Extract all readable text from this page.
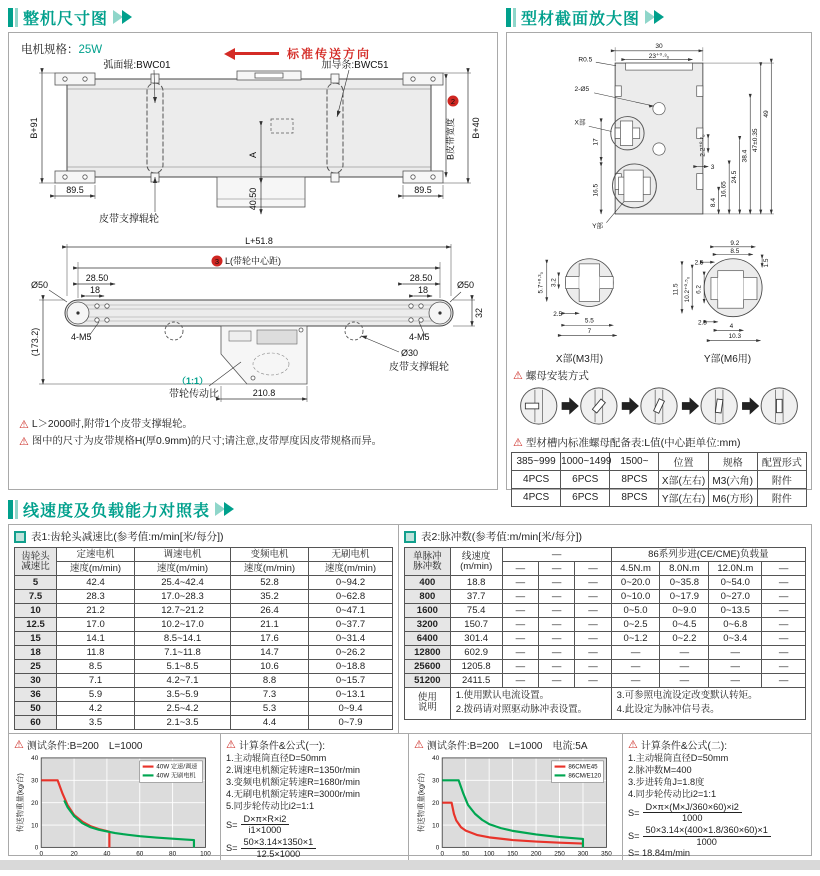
整机尺寸图
电机规格：25W	标准传送方向
B+91	B+40
2
B皮带宽度
89.5	89.5
A
40.50
弧面辊:BWC01	加导条:BWC51
皮带支撑辊轮

L+51.8
3 L(带轮中心距)
28.50
18
28.50
18
Ø50	Ø50
(173.2)	4-M5	4-M5
32
Ø30
皮带支撑辊轮
（1:1）
带轮传动比	210.8
⚠ L＞2000时,附带1个皮带支撑辊轮。
⚠ 图中的尺寸为皮带规格H(厚0.9mm)的尺寸;请注意,皮带厚度因皮带规格而异。
型材截面放大图
30
23⁺⁰·³₀
R0.5
2-Ø5
X部
17
16.5
Y部
2.2⁺⁰·²₀
3
8.4
16.65
24.5
38.4
47±0.35
49
5.7⁺⁰·³₀ 3.2
2.5
5.5
7
X部(M3用)
9.2
8.5
2.5	1.5
11.5 10.2⁺⁰·⁵₀ 6.2
2.5	4
10.3
Y部(M6用)
⚠ 螺母安装方式
⚠ 型材槽内标准螺母配备表:L值(中心距单位:mm)
385~999	1000~1499	1500~	位置	规格	配置形式
4PCS	6PCS	8PCS	X部(左右)	M3(六角)	附件
4PCS	6PCS	8PCS	Y部(左右)	M6(方形)	附件
线速度及负载能力对照表
表1:齿轮头减速比(参考值:m/min[米/每分])
齿轮头
减速比	定速电机	调速电机	变频电机	无刷电机
	速度(m/min)	速度(m/min)	速度(m/min)	速度(m/min)
5	42.4	25.4~42.4	52.8	0~94.2
7.5	28.3	17.0~28.3	35.2	0~62.8
10	21.2	12.7~21.2	26.4	0~47.1
12.5	17.0	10.2~17.0	21.1	0~37.7
15	14.1	8.5~14.1	17.6	0~31.4
18	11.8	7.1~11.8	14.7	0~26.2
25	8.5	5.1~8.5	10.6	0~18.8
30	7.1	4.2~7.1	8.8	0~15.7
36	5.9	3.5~5.9	7.3	0~13.1
50	4.2	2.5~4.2	5.3	0~9.4
60	3.5	2.1~3.5	4.4	0~7.9
表2:脉冲数(参考值:m/min[米/每分])
单脉冲
脉冲数	线速度
(m/min)	—			86系列步进(CE/CME)负载量			
		—	—	—	4.5N.m	8.0N.m	12.0N.m	—
400	18.8	—	—	—	0~20.0	0~35.8	0~54.0	—
800	37.7	—	—	—	0~10.0	0~17.9	0~27.0	—
1600	75.4	—	—	—	0~5.0	0~9.0	0~13.5	—
3200	150.7	—	—	—	0~2.5	0~4.5	0~6.8	—
6400	301.4	—	—	—	0~1.2	0~2.2	0~3.4	—
12800	602.9	—	—	—	—	—	—	—
25600	1205.8	—	—	—	—	—	—	—
51200	2411.5	—	—	—	—	—	—	—
使用
说明	
1.使用默认电流设置。
2.拨码请对照驱动脉冲表设置。

3.可参照电流设定改变默认转矩。
4.此设定为脉冲信号表。
⚠ 测试条件:B=200　L=1000
0	20	40	60	80	100
0
10
20
30
40
传送物重量(kg/台)
40W 定速/调速
40W 无刷电机
⚠ 计算条件&公式(一):
1.主动辊筒直径D=50mm
2.调速电机额定转速R=1350r/min
3.变频电机额定转速R=1680r/min
4.无刷电机额定转速R=3000r/min
5.同步轮传动比i2=1:1
$S= \frac{D\times\pi\times R\times i2}{i1\times 1000}$
$S= \frac{50\times 3.14\times 1350\times 1}{12.5\times 1000}$
⚠ 测试条件:B=200　L=1000　电流:5A
0	50 100 150 200 250 300 350
0
10
20
30
40
传送物重量(kg/台)
86CM/E45
86CM/E120
⚠ 计算条件&公式(二):
1.主动辊筒直径D=50mm
2.脉冲数M=400
3.步进转角J=1.8度
4.同步轮传动比i2=1:1
$S= \frac{D\times\pi\times(M\times J/360\times 60)\times i2}{1000}$
$S= \frac{50\times 3.14\times(400\times 1.8/360\times 60)\times 1}{1000}$
S= 18.84m/min
